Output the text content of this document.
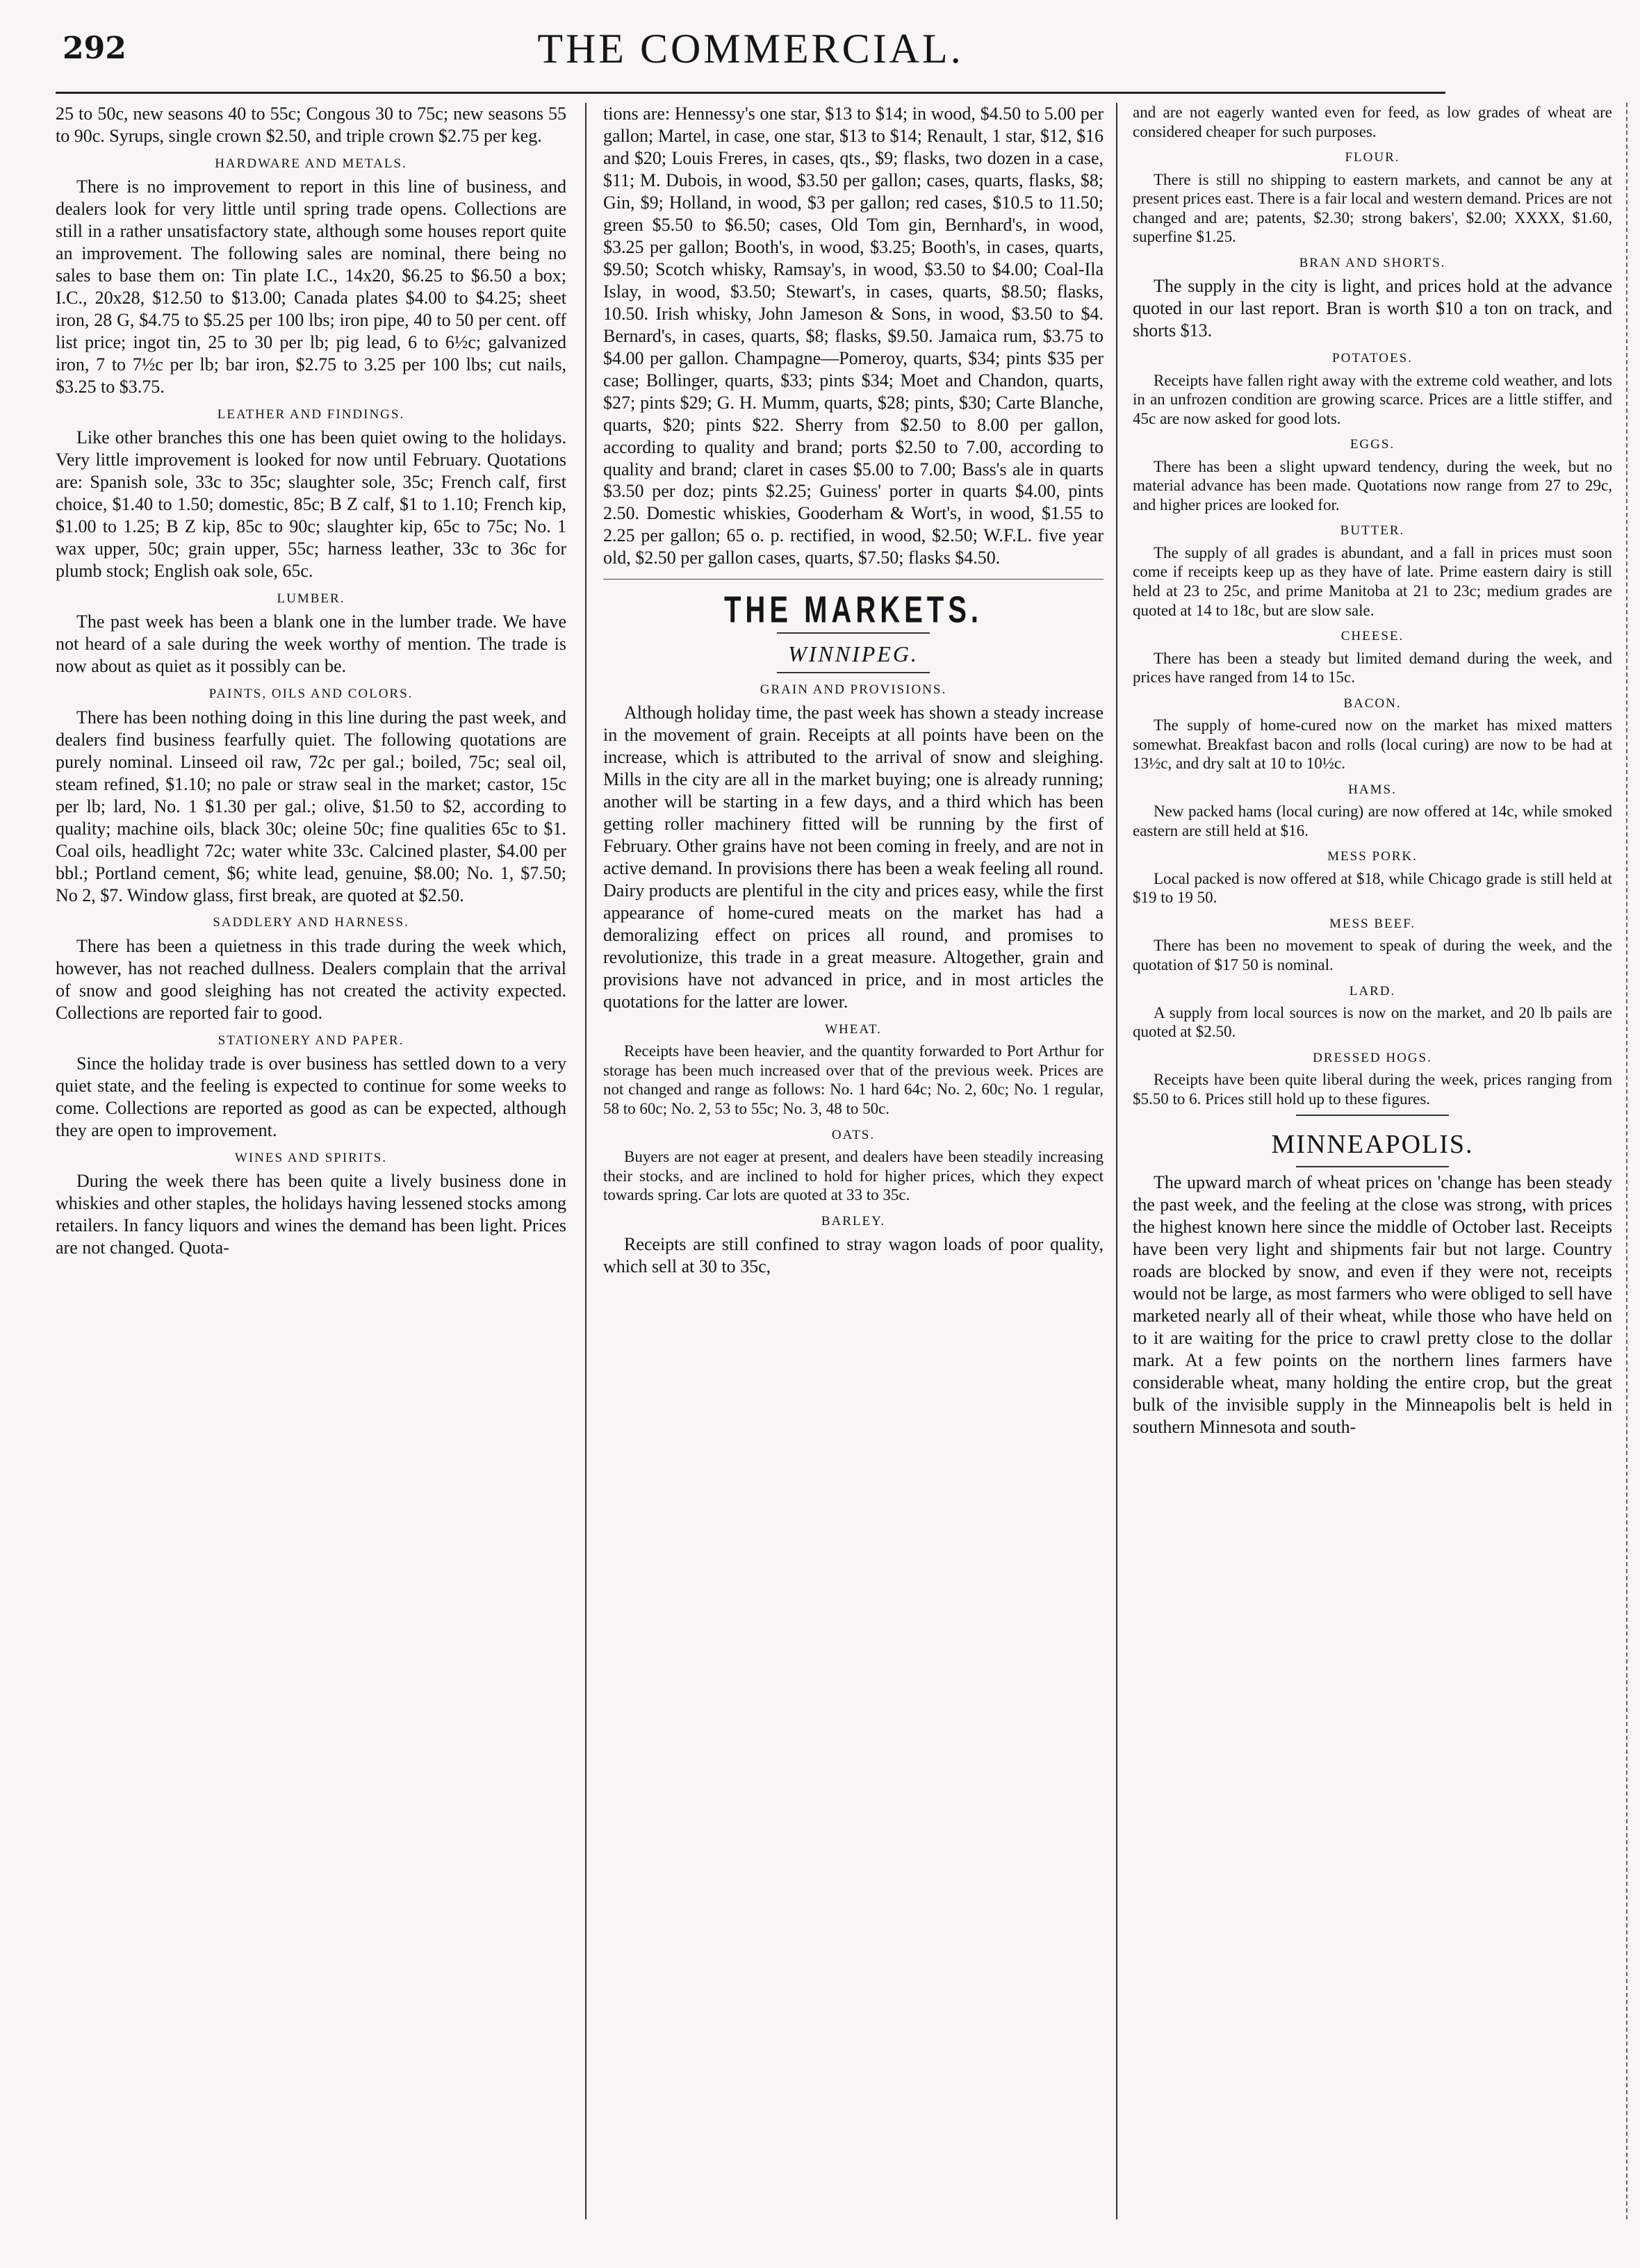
292	THE COMMERCIAL.

25 to 50c, new seasons 40 to 55c; Congous 30 to 75c; new seasons 55 to 90c. Syrups, single crown $2.50, and triple crown $2.75 per keg.

HARDWARE AND METALS.

There is no improvement to report in this line of business, and dealers look for very little until spring trade opens. Collections are still in a rather unsatisfactory state, although some houses report quite an improvement. The following sales are nominal, there being no sales to base them on: Tin plate I.C., 14x20, $6.25 to $6.50 a box; I.C., 20x28, $12.50 to $13.00; Canada plates $4.00 to $4.25; sheet iron, 28 G, $4.75 to $5.25 per 100 lbs; iron pipe, 40 to 50 per cent. off list price; ingot tin, 25 to 30 per lb; pig lead, 6 to 6½c; galvanized iron, 7 to 7½c per lb; bar iron, $2.75 to 3.25 per 100 lbs; cut nails, $3.25 to $3.75.

LEATHER AND FINDINGS.

Like other branches this one has been quiet owing to the holidays. Very little improvement is looked for now until February. Quotations are: Spanish sole, 33c to 35c; slaughter sole, 35c; French calf, first choice, $1.40 to 1.50; domestic, 85c; B Z calf, $1 to 1.10; French kip, $1.00 to 1.25; B Z kip, 85c to 90c; slaughter kip, 65c to 75c; No. 1 wax upper, 50c; grain upper, 55c; harness leather, 33c to 36c for plumb stock; English oak sole, 65c.

LUMBER.

The past week has been a blank one in the lumber trade. We have not heard of a sale during the week worthy of mention. The trade is now about as quiet as it possibly can be.

PAINTS, OILS AND COLORS.

There has been nothing doing in this line during the past week, and dealers find business fearfully quiet. The following quotations are purely nominal. Linseed oil raw, 72c per gal.; boiled, 75c; seal oil, steam refined, $1.10; no pale or straw seal in the market; castor, 15c per lb; lard, No. 1 $1.30 per gal.; olive, $1.50 to $2, according to quality; machine oils, black 30c; oleine 50c; fine qualities 65c to $1. Coal oils, headlight 72c; water white 33c. Calcined plaster, $4.00 per bbl.; Portland cement, $6; white lead, genuine, $8.00; No. 1, $7.50; No 2, $7. Window glass, first break, are quoted at $2.50.

SADDLERY AND HARNESS.

There has been a quietness in this trade during the week which, however, has not reached dullness. Dealers complain that the arrival of snow and good sleighing has not created the activity expected. Collections are reported fair to good.

STATIONERY AND PAPER.

Since the holiday trade is over business has settled down to a very quiet state, and the feeling is expected to continue for some weeks to come. Collections are reported as good as can be expected, although they are open to improvement.

WINES AND SPIRITS.

During the week there has been quite a lively business done in whiskies and other staples, the holidays having lessened stocks among retailers. In fancy liquors and wines the demand has been light. Prices are not changed. Quota-

tions are: Hennessy's one star, $13 to $14; in wood, $4.50 to 5.00 per gallon; Martel, in case, one star, $13 to $14; Renault, 1 star, $12, $16 and $20; Louis Freres, in cases, qts., $9; flasks, two dozen in a case, $11; M. Dubois, in wood, $3.50 per gallon; cases, quarts, flasks, $8; Gin, $9; Holland, in wood, $3 per gallon; red cases, $10.5 to 11.50; green $5.50 to $6.50; cases, Old Tom gin, Bernhard's, in wood, $3.25 per gallon; Booth's, in wood, $3.25; Booth's, in cases, quarts, $9.50; Scotch whisky, Ramsay's, in wood, $3.50 to $4.00; Coal-Ila Islay, in wood, $3.50; Stewart's, in cases, quarts, $8.50; flasks, 10.50. Irish whisky, John Jameson & Sons, in wood, $3.50 to $4. Bernard's, in cases, quarts, $8; flasks, $9.50. Jamaica rum, $3.75 to $4.00 per gallon. Champagne—Pomeroy, quarts, $34; pints $35 per case; Bollinger, quarts, $33; pints $34; Moet and Chandon, quarts, $27; pints $29; G. H. Mumm, quarts, $28; pints, $30; Carte Blanche, quarts, $20; pints $22. Sherry from $2.50 to 8.00 per gallon, according to quality and brand; ports $2.50 to 7.00, according to quality and brand; claret in cases $5.00 to 7.00; Bass's ale in quarts $3.50 per doz; pints $2.25; Guiness' porter in quarts $4.00, pints 2.50. Domestic whiskies, Gooderham & Wort's, in wood, $1.55 to 2.25 per gallon; 65 o. p. rectified, in wood, $2.50; W.F.L. five year old, $2.50 per gallon cases, quarts, $7.50; flasks $4.50.

THE MARKETS.
WINNIPEG.
GRAIN AND PROVISIONS.

Although holiday time, the past week has shown a steady increase in the movement of grain. Receipts at all points have been on the increase, which is attributed to the arrival of snow and sleighing. Mills in the city are all in the market buying; one is already running; another will be starting in a few days, and a third which has been getting roller machinery fitted will be running by the first of February. Other grains have not been coming in freely, and are not in active demand. In provisions there has been a weak feeling all round. Dairy products are plentiful in the city and prices easy, while the first appearance of home-cured meats on the market has had a demoralizing effect on prices all round, and promises to revolutionize, this trade in a great measure. Altogether, grain and provisions have not advanced in price, and in most articles the quotations for the latter are lower.

WHEAT.

Receipts have been heavier, and the quantity forwarded to Port Arthur for storage has been much increased over that of the previous week. Prices are not changed and range as follows: No. 1 hard 64c; No. 2, 60c; No. 1 regular, 58 to 60c; No. 2, 53 to 55c; No. 3, 48 to 50c.

OATS.

Buyers are not eager at present, and dealers have been steadily increasing their stocks, and are inclined to hold for higher prices, which they expect towards spring. Car lots are quoted at 33 to 35c.

BARLEY.

Receipts are still confined to stray wagon loads of poor quality, which sell at 30 to 35c,

and are not eagerly wanted even for feed, as low grades of wheat are considered cheaper for such purposes.

FLOUR.

There is still no shipping to eastern markets, and cannot be any at present prices east. There is a fair local and western demand. Prices are not changed and are; patents, $2.30; strong bakers', $2.00; XXXX, $1.60, superfine $1.25.

BRAN AND SHORTS.

The supply in the city is light, and prices hold at the advance quoted in our last report. Bran is worth $10 a ton on track, and shorts $13.

POTATOES.

Receipts have fallen right away with the extreme cold weather, and lots in an unfrozen condition are growing scarce. Prices are a little stiffer, and 45c are now asked for good lots.

EGGS.

There has been a slight upward tendency, during the week, but no material advance has been made. Quotations now range from 27 to 29c, and higher prices are looked for.

BUTTER.

The supply of all grades is abundant, and a fall in prices must soon come if receipts keep up as they have of late. Prime eastern dairy is still held at 23 to 25c, and prime Manitoba at 21 to 23c; medium grades are quoted at 14 to 18c, but are slow sale.

CHEESE.

There has been a steady but limited demand during the week, and prices have ranged from 14 to 15c.

BACON.

The supply of home-cured now on the market has mixed matters somewhat. Breakfast bacon and rolls (local curing) are now to be had at 13½c, and dry salt at 10 to 10½c.

HAMS.

New packed hams (local curing) are now offered at 14c, while smoked eastern are still held at $16.

MESS PORK.

Local packed is now offered at $18, while Chicago grade is still held at $19 to 19 50.

MESS BEEF.

There has been no movement to speak of during the week, and the quotation of $17 50 is nominal.

LARD.

A supply from local sources is now on the market, and 20 lb pails are quoted at $2.50.

DRESSED HOGS.

Receipts have been quite liberal during the week, prices ranging from $5.50 to 6. Prices still hold up to these figures.

MINNEAPOLIS.

The upward march of wheat prices on 'change has been steady the past week, and the feeling at the close was strong, with prices the highest known here since the middle of October last. Receipts have been very light and shipments fair but not large. Country roads are blocked by snow, and even if they were not, receipts would not be large, as most farmers who were obliged to sell have marketed nearly all of their wheat, while those who have held on to it are waiting for the price to crawl pretty close to the dollar mark. At a few points on the northern lines farmers have considerable wheat, many holding the entire crop, but the great bulk of the invisible supply in the Minneapolis belt is held in southern Minnesota and south-
